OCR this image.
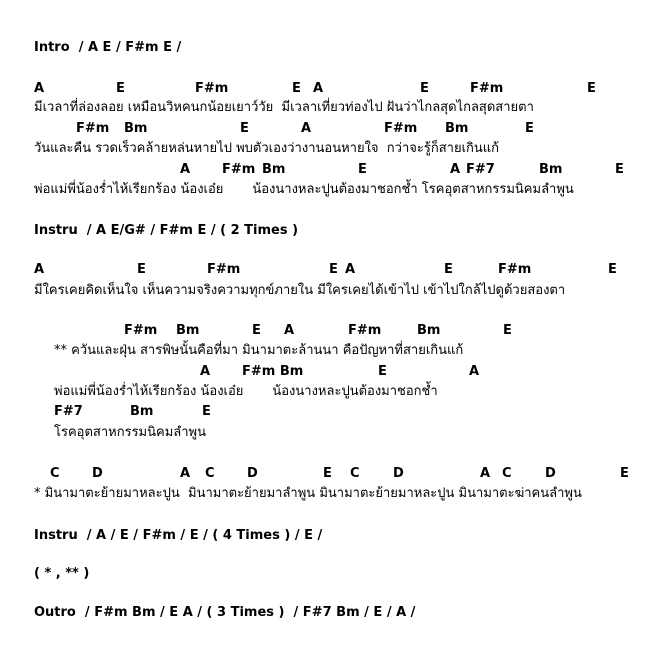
Intro  / A E / F#m E /
A	E	F#m	E A	E	F#m	E
มีเวลาที่ล่องลอย เหมือนวิหคนกน้อยเยาว์วัย  มีเวลาเที่ยวท่องไป ฝันว่าไกลสุดไกลสุดสายตา
F#m Bm	E	A	F#m Bm	E
วันและคืน รวดเร็วคล้ายหล่นหายไป พบตัวเองว่างานอนหายใจ  กว่าจะรู้ก็สายเกินแก้
A F#m Bm	E	A F#7	Bm	E
พ่อแม่พี่น้องร่ำไห้เรียกร้อง น้องเอ๋ย       น้องนางหละปูนต้องมาชอกช้ำ โรคอุตสาหกรรมนิคมลำพูน
Instru  / A E/G# / F#m E / ( 2 Times )
A	E	F#m	E A	E	F#m	E
มีใครเคยคิดเห็นใจ เห็นความจริงความทุกข์ภายใน มีใครเคยได้เข้าไป เข้าไปใกล้ไปดูด้วยสองตา
F#m Bm	E A	F#m	Bm	E
** ควันและฝุ่น สารพิษนั้นคือที่มา มินามาตะล้านนา คือปัญหาที่สายเกินแก้
A F#m Bm	E	A
พ่อแม่พี่น้องร่ำไห้เรียกร้อง น้องเอ๋ย       น้องนางหละปูนต้องมาชอกช้ำ
F#7	Bm	E
โรคอุตสาหกรรมนิคมลำพูน
C D	A C D	E C	D	A C	D	E
* มินามาตะย้ายมาหละปูน  มินามาตะย้ายมาลำพูน มินามาตะย้ายมาหละปูน มินามาตะฆ่าคนลำพูน
Instru  / A / E / F#m / E / ( 4 Times ) / E /
( * , ** )
Outro  / F#m Bm / E A / ( 3 Times )  / F#7 Bm / E / A /
